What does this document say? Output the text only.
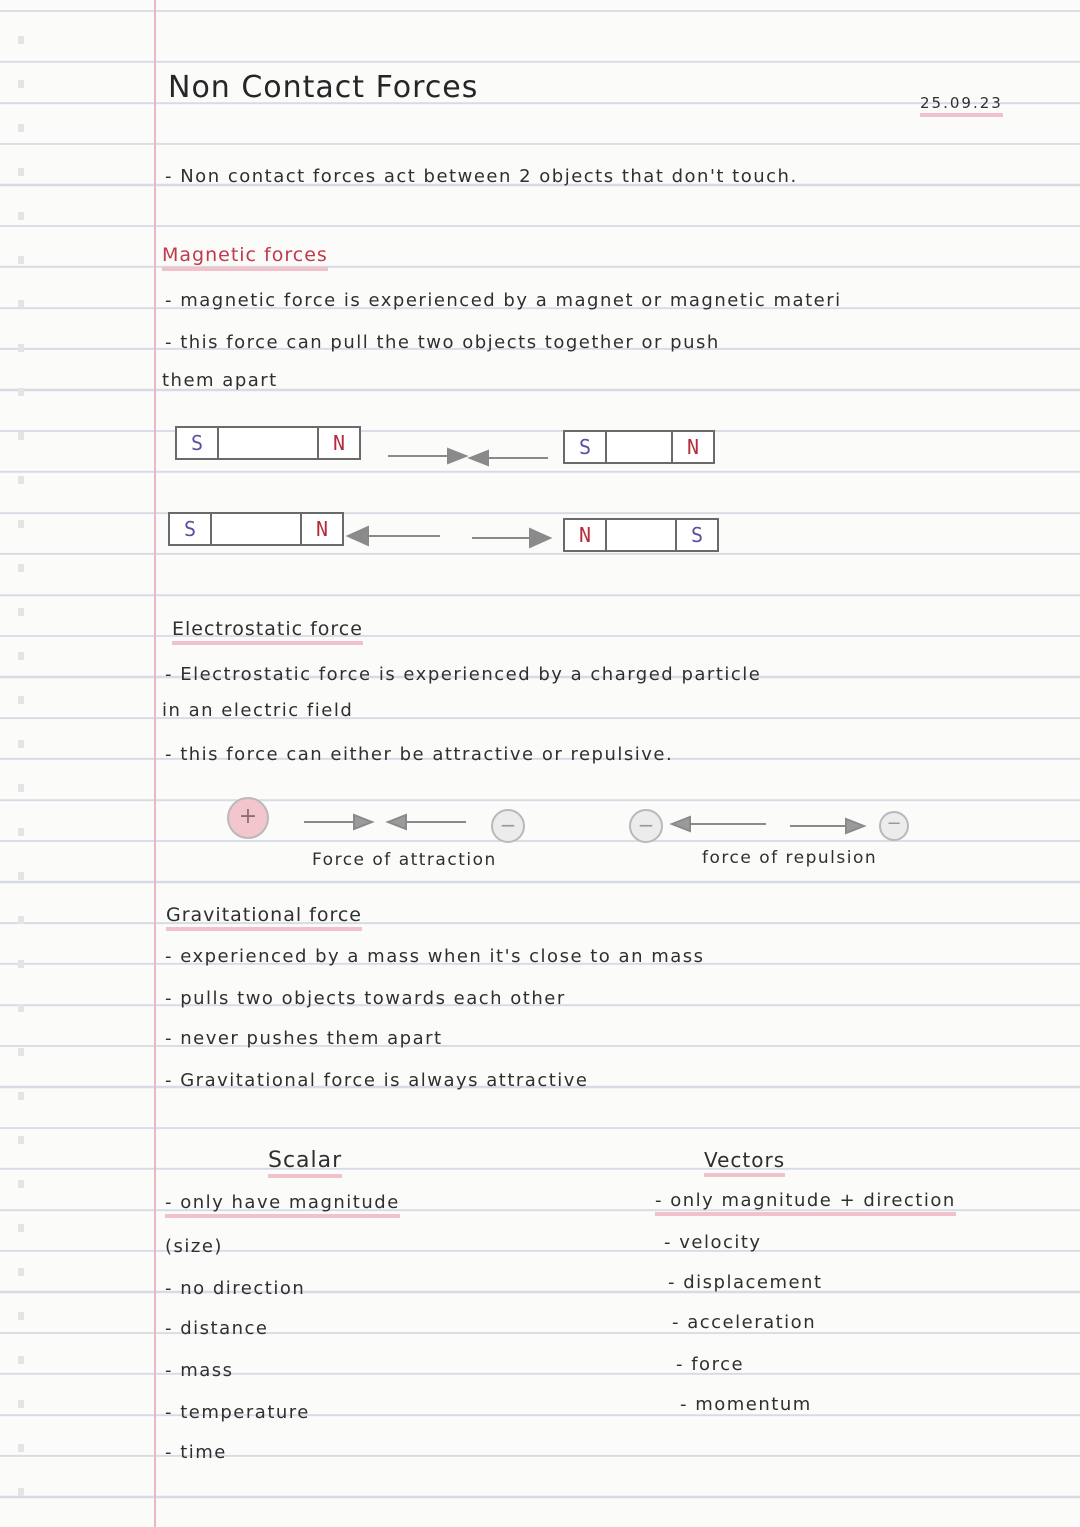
Non Contact Forces	25.09.23
- Non contact forces act between 2 objects that don't touch.
Magnetic forces
- magnetic force is experienced by a magnet or magnetic materi
- this force can pull the two objects together or push
them apart
S	N	S	N
S	N	N	S
+	−	−	−
Electrostatic force
- Electrostatic force is experienced by a charged particle
in an electric field
- this force can either be attractive or repulsive.
Force of attraction	force of repulsion
Gravitational force
- experienced by a mass when it's close to an mass
- pulls two objects towards each other
- never pushes them apart
- Gravitational force is always attractive
Scalar
- only have magnitude
(size)
- no direction
- distance
- mass
- temperature
- time
Vectors
- only magnitude + direction
- velocity
- displacement
- acceleration
- force
- momentum
